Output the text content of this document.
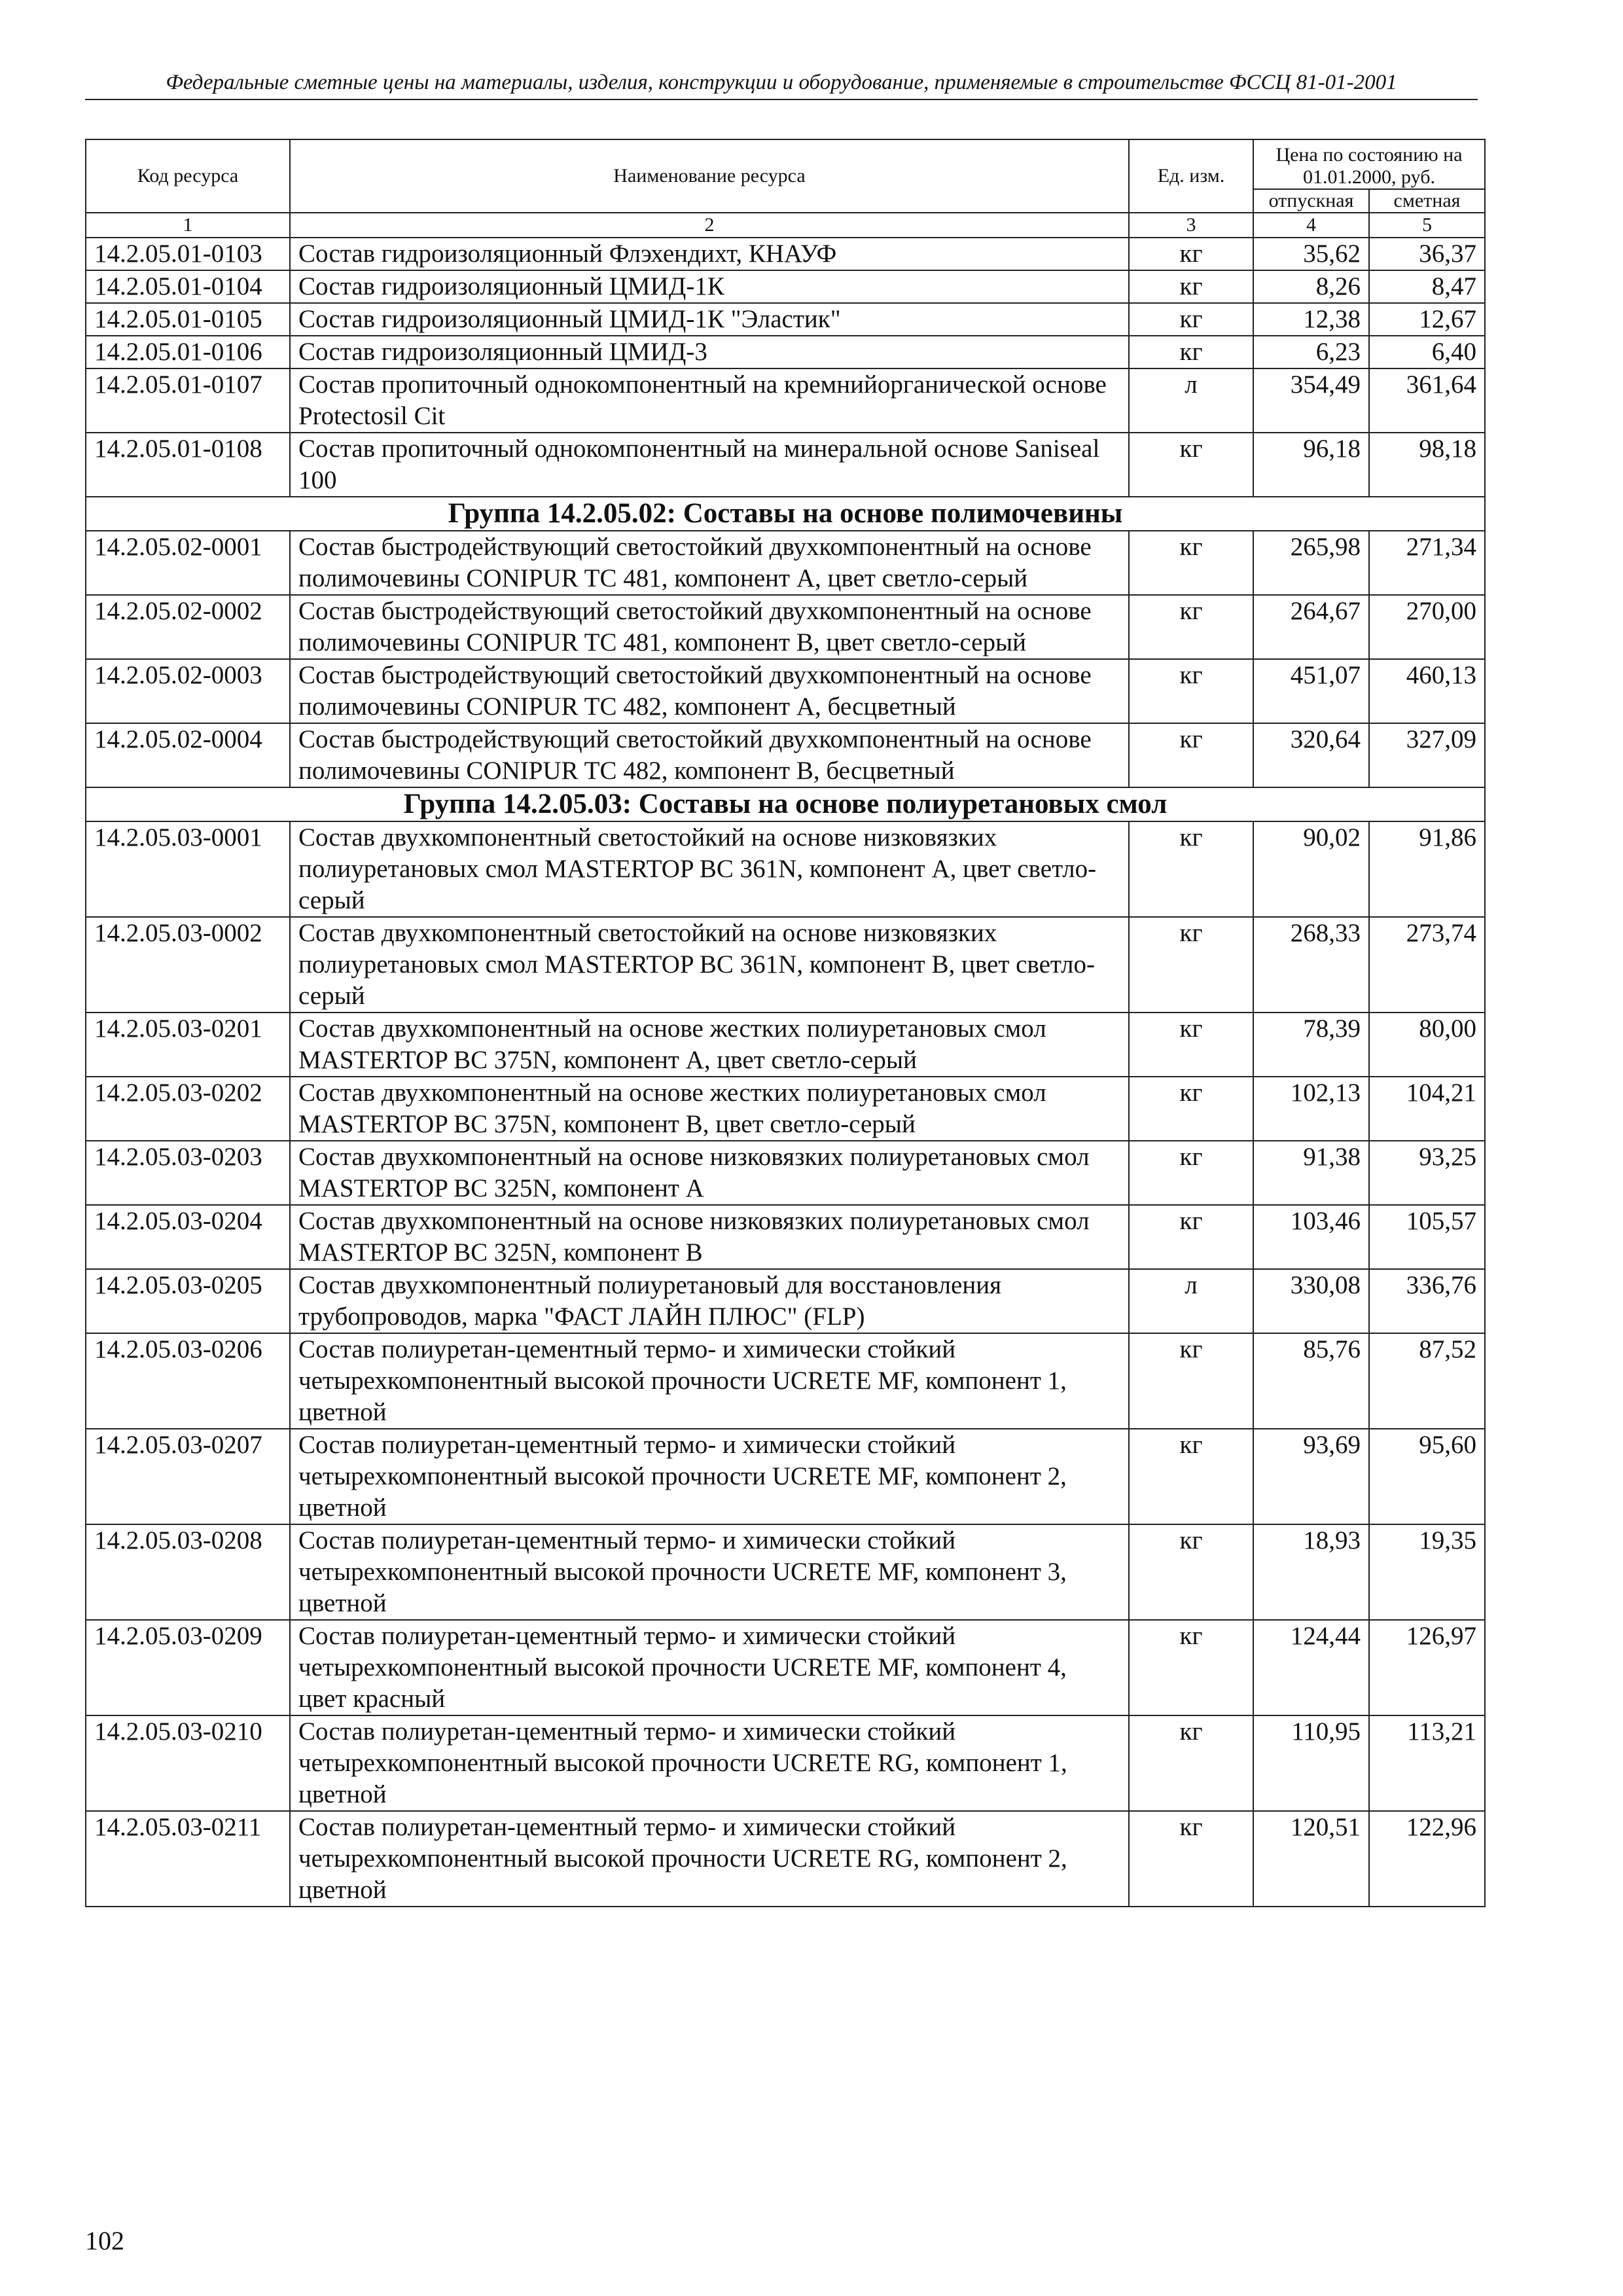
Федеральные сметные цены на материалы, изделия, конструкции и оборудование, применяемые в строительстве ФССЦ 81-01-2001
Код ресурса	Наименование ресурса	Ед. изм.	Цена по состоянию на 01.01.2000, руб.	
			отпускная	сметная
1	2	3	4	5
14.2.05.01-0103	Состав гидроизоляционный Флэхендихт, КНАУФ	кг	35,62	36,37
14.2.05.01-0104	Состав гидроизоляционный ЦМИД-1К	кг	8,26	8,47
14.2.05.01-0105	Состав гидроизоляционный ЦМИД-1К "Эластик"	кг	12,38	12,67
14.2.05.01-0106	Состав гидроизоляционный ЦМИД-3	кг	6,23	6,40
14.2.05.01-0107	Состав пропиточный однокомпонентный на кремнийорганической основе Protectosil Cit	л	354,49	361,64
14.2.05.01-0108	Состав пропиточный однокомпонентный на минеральной основе Saniseal 100	кг	96,18	98,18
Группа 14.2.05.02: Составы на основе полимочевины				
14.2.05.02-0001	Состав быстродействующий светостойкий двухкомпонентный на основе полимочевины CONIPUR TC 481, компонент А, цвет светло-серый	кг	265,98	271,34
14.2.05.02-0002	Состав быстродействующий светостойкий двухкомпонентный на основе полимочевины CONIPUR TC 481, компонент В, цвет светло-серый	кг	264,67	270,00
14.2.05.02-0003	Состав быстродействующий светостойкий двухкомпонентный на основе полимочевины CONIPUR TC 482, компонент А, бесцветный	кг	451,07	460,13
14.2.05.02-0004	Состав быстродействующий светостойкий двухкомпонентный на основе полимочевины CONIPUR TC 482, компонент В, бесцветный	кг	320,64	327,09
Группа 14.2.05.03: Составы на основе полиуретановых смол				
14.2.05.03-0001	Состав двухкомпонентный светостойкий на основе низковязких полиуретановых смол MASTERTOP BC 361N, компонент А, цвет светло-серый	кг	90,02	91,86
14.2.05.03-0002	Состав двухкомпонентный светостойкий на основе низковязких полиуретановых смол MASTERTOP BC 361N, компонент В, цвет светло-серый	кг	268,33	273,74
14.2.05.03-0201	Состав двухкомпонентный на основе жестких полиуретановых смол MASTERTOP BC 375N, компонент А, цвет светло-серый	кг	78,39	80,00
14.2.05.03-0202	Состав двухкомпонентный на основе жестких полиуретановых смол MASTERTOP BC 375N, компонент В, цвет светло-серый	кг	102,13	104,21
14.2.05.03-0203	Состав двухкомпонентный на основе низковязких полиуретановых смол MASTERTOP BC 325N, компонент А	кг	91,38	93,25
14.2.05.03-0204	Состав двухкомпонентный на основе низковязких полиуретановых смол MASTERTOP BC 325N, компонент В	кг	103,46	105,57
14.2.05.03-0205	Состав двухкомпонентный полиуретановый для восстановления трубопроводов, марка "ФАСТ ЛАЙН ПЛЮС" (FLP)	л	330,08	336,76
14.2.05.03-0206	Состав полиуретан-цементный термо- и химически стойкий четырехкомпонентный высокой прочности UCRETE MF, компонент 1, цветной	кг	85,76	87,52
14.2.05.03-0207	Состав полиуретан-цементный термо- и химически стойкий четырехкомпонентный высокой прочности UCRETE MF, компонент 2, цветной	кг	93,69	95,60
14.2.05.03-0208	Состав полиуретан-цементный термо- и химически стойкий четырехкомпонентный высокой прочности UCRETE MF, компонент 3, цветной	кг	18,93	19,35
14.2.05.03-0209	Состав полиуретан-цементный термо- и химически стойкий четырехкомпонентный высокой прочности UCRETE MF, компонент 4, цвет красный	кг	124,44	126,97
14.2.05.03-0210	Состав полиуретан-цементный термо- и химически стойкий четырехкомпонентный высокой прочности UCRETE RG, компонент 1, цветной	кг	110,95	113,21
14.2.05.03-0211	Состав полиуретан-цементный термо- и химически стойкий четырехкомпонентный высокой прочности UCRETE RG, компонент 2, цветной	кг	120,51	122,96
102
